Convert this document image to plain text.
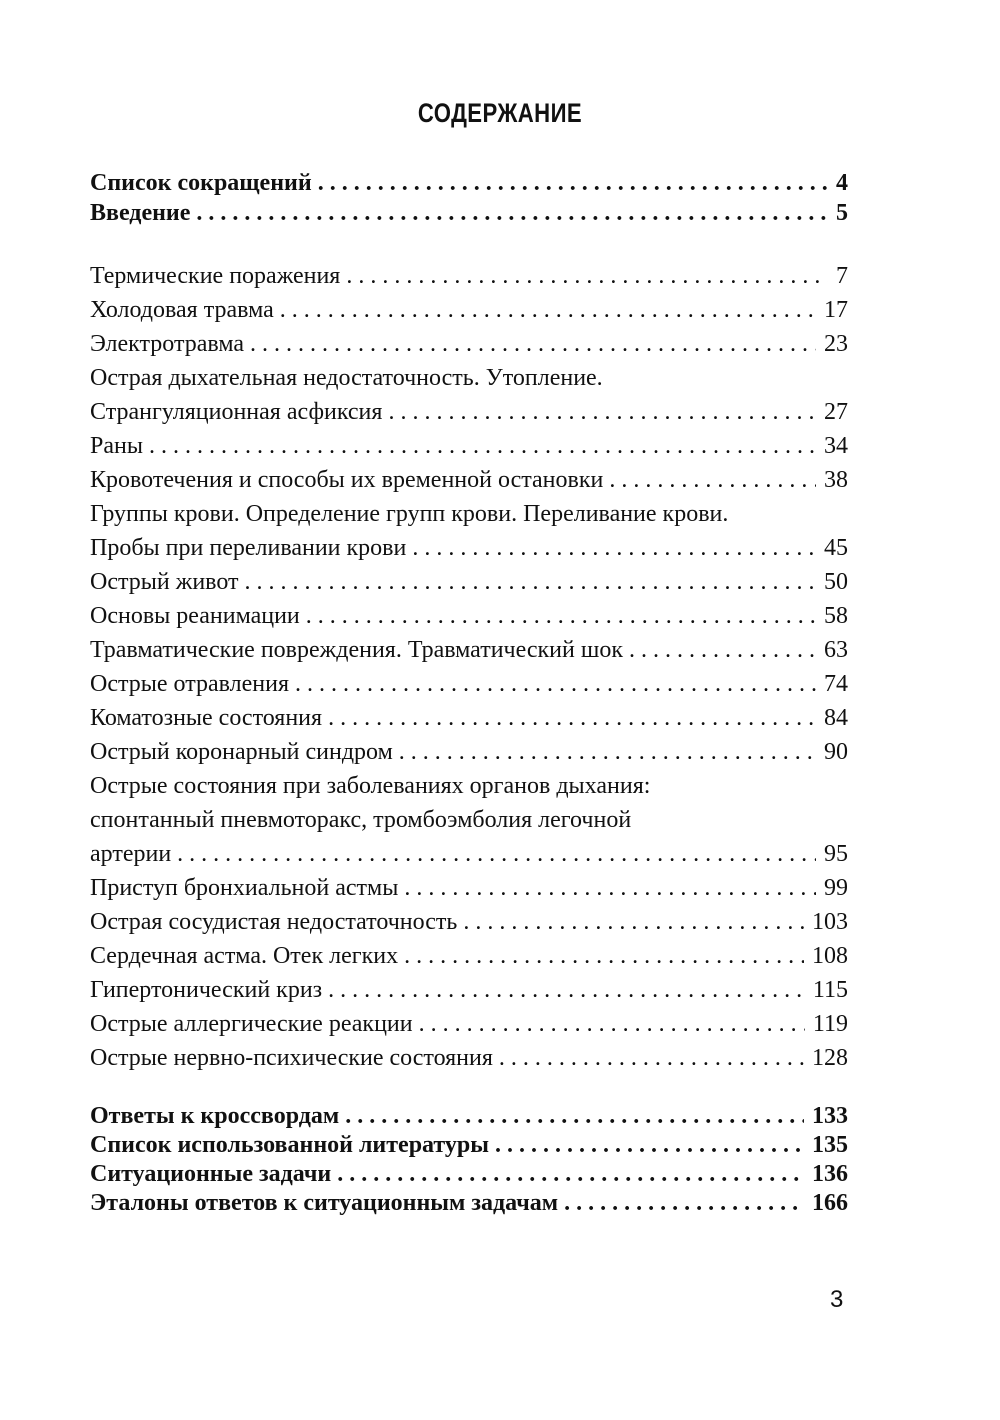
СОДЕРЖАНИЕ
Список сокращений . . .	4
Введение . . .	5
Термические поражения . . .	7
Холодовая травма . . .	17
Электротравма . . .	23
Острая дыхательная недостаточность. Утопление.
Странгуляционная асфиксия . . .	27
Раны . . .	34
Кровотечения и способы их временной остановки . . .	38
Группы крови. Определение групп крови. Переливание крови.
Пробы при переливании крови . . .	45
Острый живот . . .	50
Основы реанимации . . .	58
Травматические повреждения. Травматический шок . . .	63
Острые отравления . . .	74
Коматозные состояния . . .	84
Острый коронарный синдром . . .	90
Острые состояния при заболеваниях органов дыхания:
спонтанный пневмоторакс, тромбоэмболия легочной
артерии . . .	95
Приступ бронхиальной астмы . . .	99
Острая сосудистая недостаточность . . .	103
Сердечная астма. Отек легких . . .	108
Гипертонический криз . . .	115
Острые аллергические реакции . . .	119
Острые нервно-психические состояния . . .	128
Ответы к кроссвордам . . .	133
Список использованной литературы . . .	135
Ситуационные задачи . . .	136
Эталоны ответов к ситуационным задачам . . .	166
3
